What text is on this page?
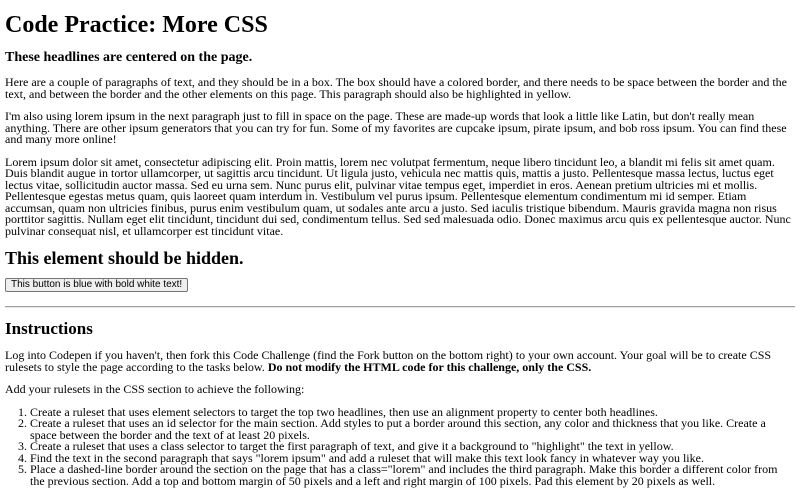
Code Practice: More CSS
These headlines are centered on the page.

Here are a couple of paragraphs of text, and they should be in a box. The box should have a colored border, and there needs to be space between the border and the text, and between the border and the other elements on this page. This paragraph should also be highlighted in yellow.

I'm also using lorem ipsum in the next paragraph just to fill in space on the page. These are made-up words that look a little like Latin, but don't really mean anything. There are other ipsum generators that you can try for fun. Some of my favorites are cupcake ipsum, pirate ipsum, and bob ross ipsum. You can find these and many more online!

Lorem ipsum dolor sit amet, consectetur adipiscing elit. Proin mattis, lorem nec volutpat fermentum, neque libero tincidunt leo, a blandit mi felis sit amet quam. Duis blandit augue in tortor ullamcorper, ut sagittis arcu tincidunt. Ut ligula justo, vehicula nec mattis quis, mattis a justo. Pellentesque massa lectus, luctus eget lectus vitae, sollicitudin auctor massa. Sed eu urna sem. Nunc purus elit, pulvinar vitae tempus eget, imperdiet in eros. Aenean pretium ultricies mi et mollis. Pellentesque egestas metus quam, quis laoreet quam interdum in. Vestibulum vel purus ipsum. Pellentesque elementum condimentum mi id semper. Etiam accumsan, quam non ultricies finibus, purus enim vestibulum quam, ut sodales ante arcu a justo. Sed iaculis tristique bibendum. Mauris gravida magna non risus porttitor sagittis. Nullam eget elit tincidunt, tincidunt dui sed, condimentum tellus. Sed sed malesuada odio. Donec maximus arcu quis ex pellentesque auctor. Nunc pulvinar consequat nisl, et ullamcorper est tincidunt vitae.

This element should be hidden.
This button is blue with bold white text!
Instructions

Log into Codepen if you haven't, then fork this Code Challenge (find the Fork button on the bottom right) to your own account. Your goal will be to create CSS rulesets to style the page according to the tasks below. Do not modify the HTML code for this challenge, only the CSS.

Add your rulesets in the CSS section to achieve the following:

1. Create a ruleset that uses element selectors to target the top two headlines, then use an alignment property to center both headlines.
2. Create a ruleset that uses an id selector for the main section. Add styles to put a border around this section, any color and thickness that you like. Create a space between the border and the text of at least 20 pixels.
3. Create a ruleset that uses a class selector to target the first paragraph of text, and give it a background to "highlight" the text in yellow.
4. Find the text in the second paragraph that says "lorem ipsum" and add a ruleset that will make this text look fancy in whatever way you like.
5. Place a dashed-line border around the section on the page that has a class="lorem" and includes the third paragraph. Make this border a different color from the previous section. Add a top and bottom margin of 50 pixels and a left and right margin of 100 pixels. Pad this element by 20 pixels as well.
